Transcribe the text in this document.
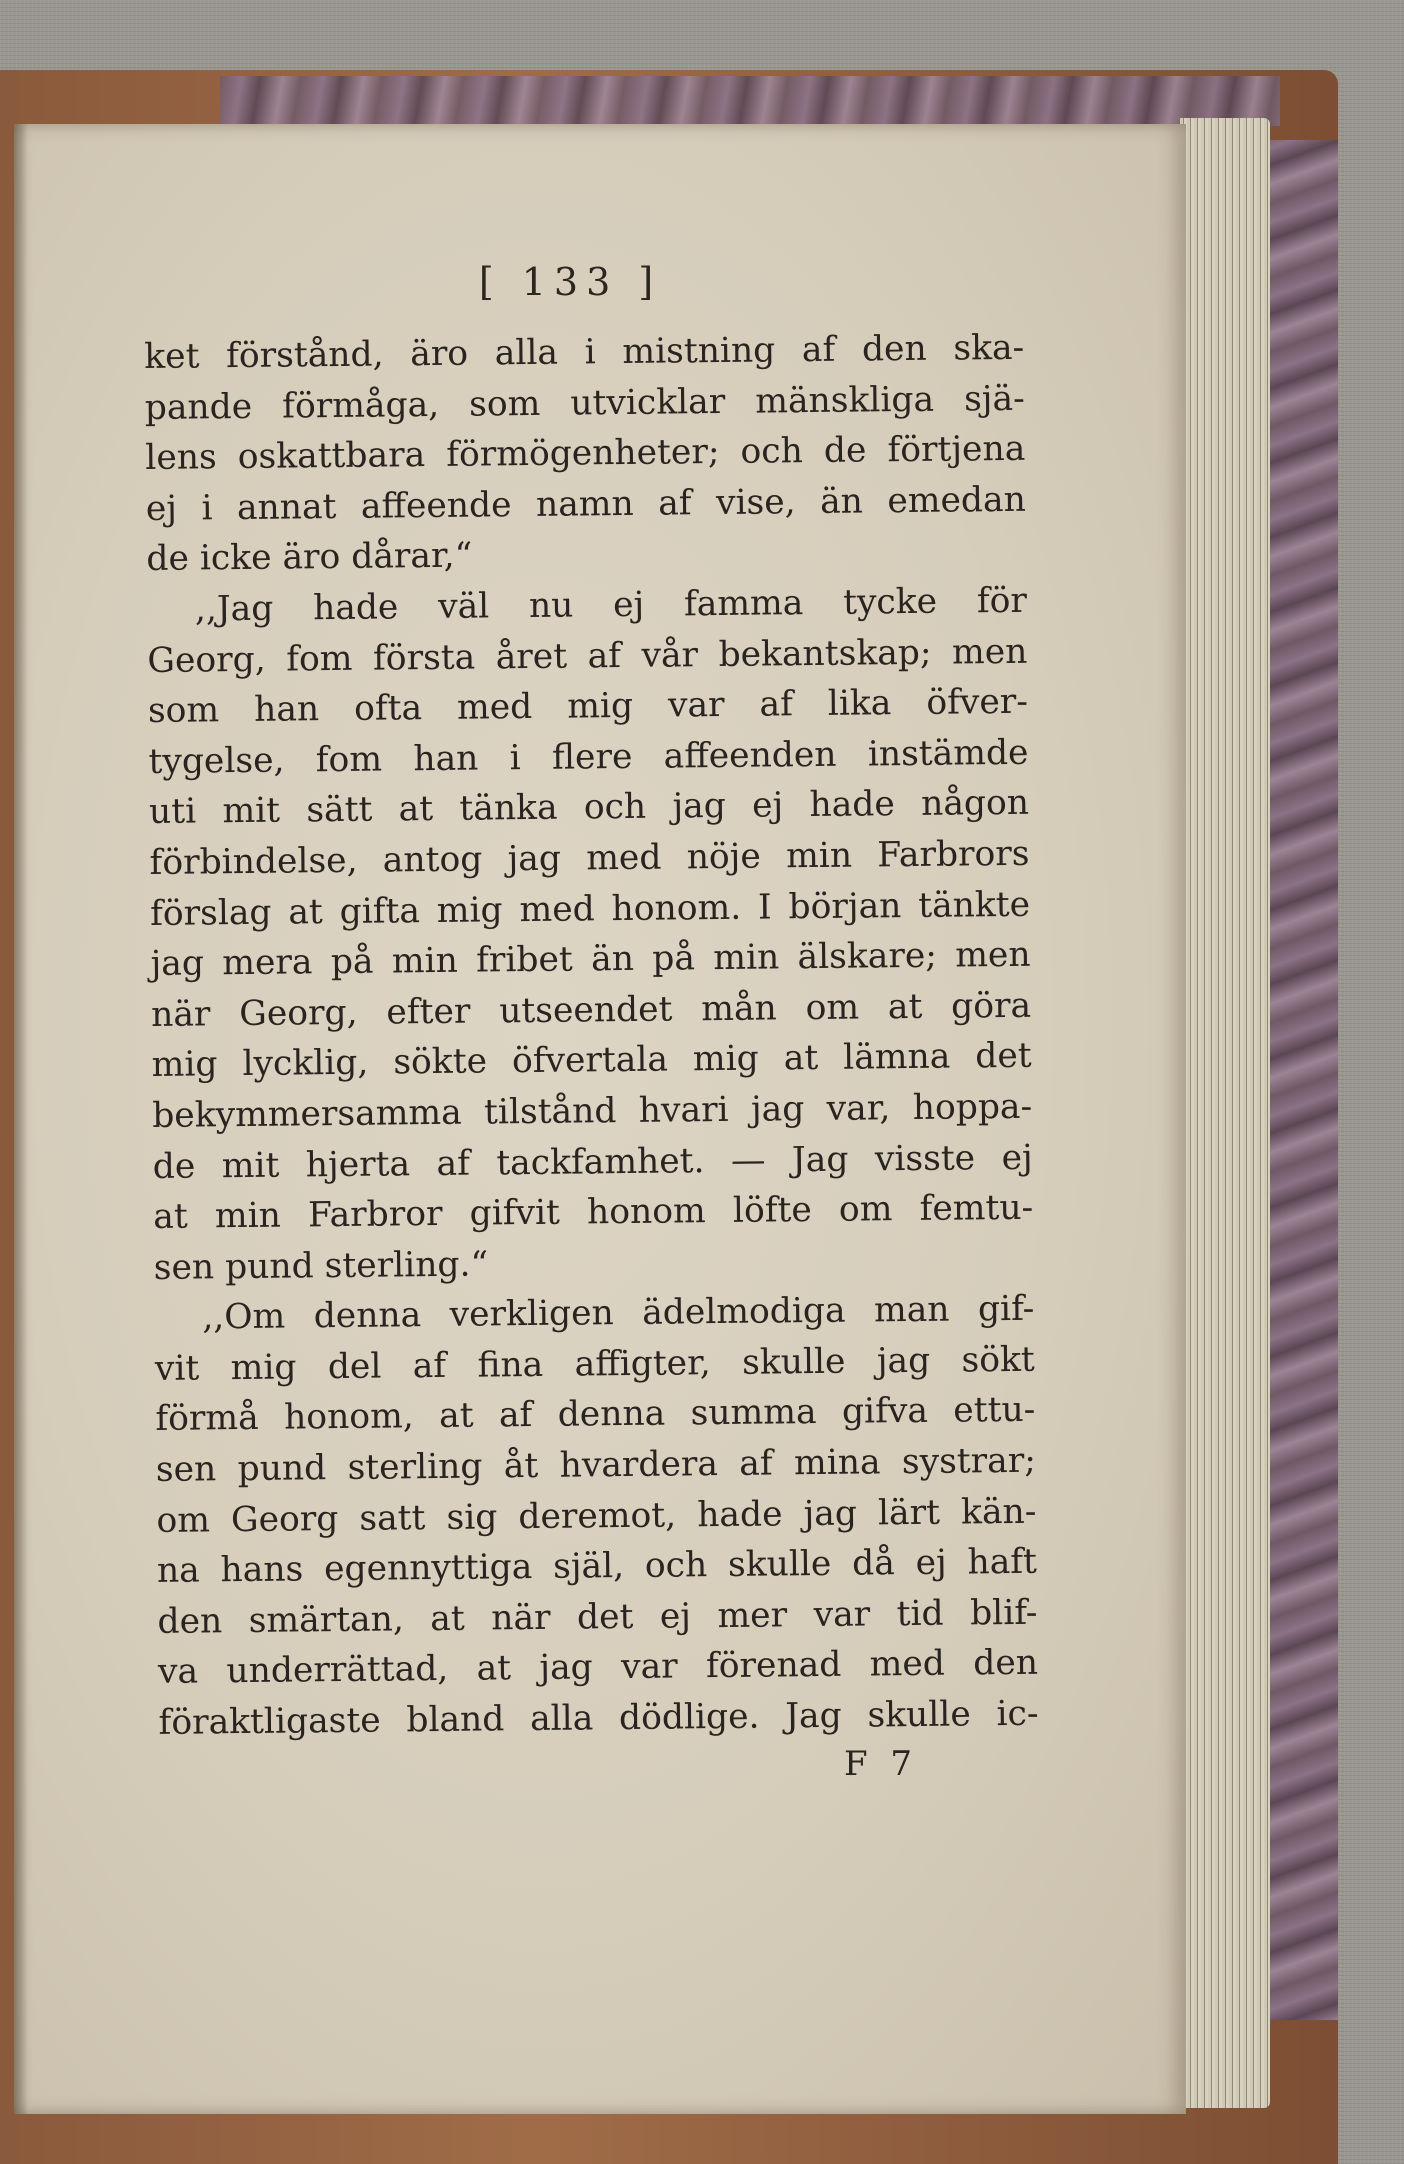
[ 133 ]
ket förstånd, äro alla i mistning af den ska-
pande förmåga, som utvicklar mänskliga sjä-
lens oskattbara förmögenheter; och de förtjena
ej i annat affeende namn af vise, än emedan
de icke äro dårar,“
,,Jag hade väl nu ej famma tycke för
Georg, fom första året af vår bekantskap; men
som han ofta med mig var af lika öfver-
tygelse, fom han i flere affeenden instämde
uti mit sätt at tänka och jag ej hade någon
förbindelse, antog jag med nöje min Farbrors
förslag at gifta mig med honom. I början tänkte
jag mera på min fribet än på min älskare; men
när Georg, efter utseendet mån om at göra
mig lycklig, sökte öfvertala mig at lämna det
bekymmersamma tilstånd hvari jag var, hoppa-
de mit hjerta af tackfamhet. — Jag visste ej
at min Farbror gifvit honom löfte om femtu-
sen pund sterling.“
,,Om denna verkligen ädelmodiga man gif-
vit mig del af fina affigter, skulle jag sökt
förmå honom, at af denna summa gifva ettu-
sen pund sterling åt hvardera af mina systrar;
om Georg satt sig deremot, hade jag lärt kän-
na hans egennyttiga själ, och skulle då ej haft
den smärtan, at när det ej mer var tid blif-
va underrättad, at jag var förenad med den
föraktligaste bland alla dödlige. Jag skulle ic-
F 7
